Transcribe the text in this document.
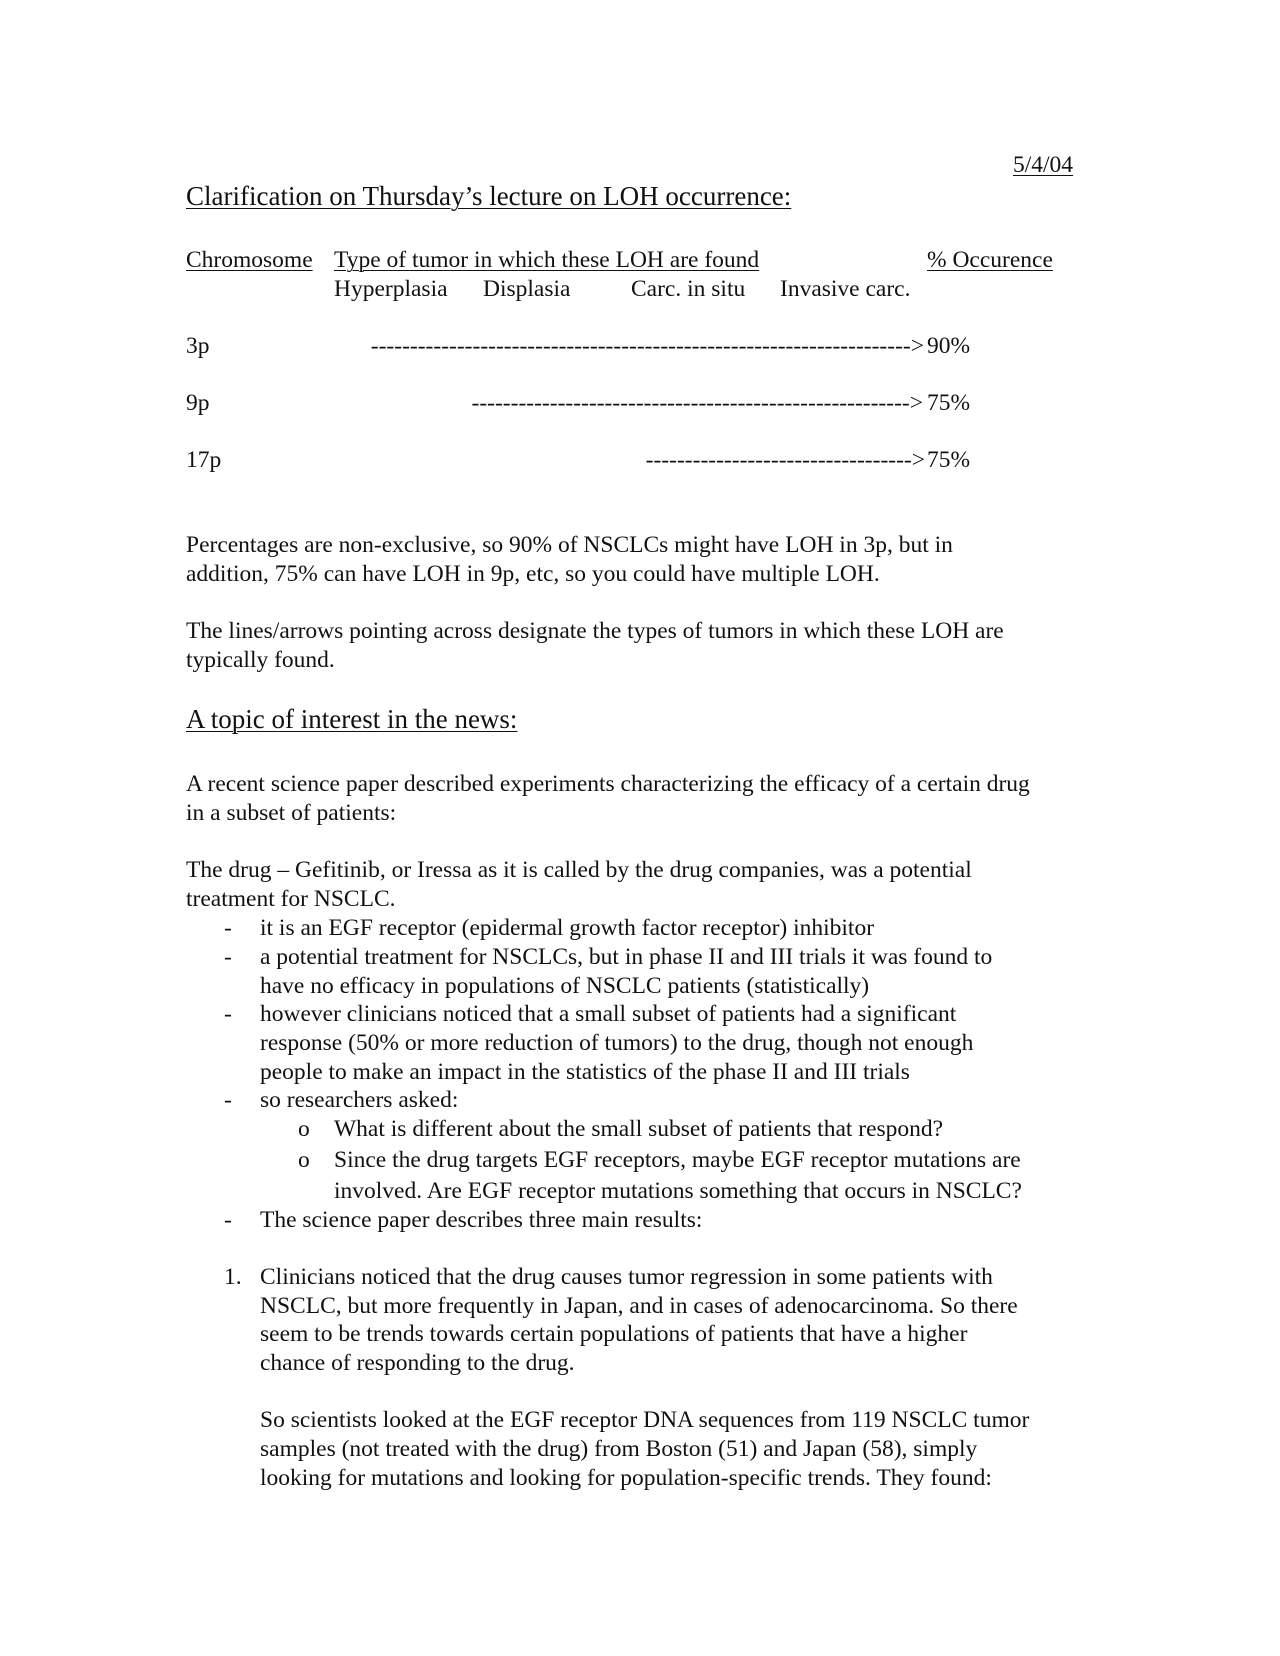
5/4/04
Clarification on Thursday’s lecture on LOH occurrence:
Chromosome Type of tumor in which these LOH are found	% Occurence
Hyperplasia Displasia	Carc. in situ Invasive carc.
3p	---------------------------------------------------------------------> 90%
9p	--------------------------------------------------------> 75%
17p	----------------------------------> 75%
Percentages are non-exclusive, so 90% of NSCLCs might have LOH in 3p, but in
addition, 75% can have LOH in 9p, etc, so you could have multiple LOH.
The lines/arrows pointing across designate the types of tumors in which these LOH are
typically found.
A topic of interest in the news:
A recent science paper described experiments characterizing the efficacy of a certain drug
in a subset of patients:
The drug – Gefitinib, or Iressa as it is called by the drug companies, was a potential
treatment for NSCLC.
- it is an EGF receptor (epidermal growth factor receptor) inhibitor
- a potential treatment for NSCLCs, but in phase II and III trials it was found to
have no efficacy in populations of NSCLC patients (statistically)
- however clinicians noticed that a small subset of patients had a significant
response (50% or more reduction of tumors) to the drug, though not enough
people to make an impact in the statistics of the phase II and III trials
- so researchers asked:
o What is different about the small subset of patients that respond?
o Since the drug targets EGF receptors, maybe EGF receptor mutations are
involved. Are EGF receptor mutations something that occurs in NSCLC?
- The science paper describes three main results:
1. Clinicians noticed that the drug causes tumor regression in some patients with
NSCLC, but more frequently in Japan, and in cases of adenocarcinoma. So there
seem to be trends towards certain populations of patients that have a higher
chance of responding to the drug.
So scientists looked at the EGF receptor DNA sequences from 119 NSCLC tumor
samples (not treated with the drug) from Boston (51) and Japan (58), simply
looking for mutations and looking for population-specific trends. They found:
